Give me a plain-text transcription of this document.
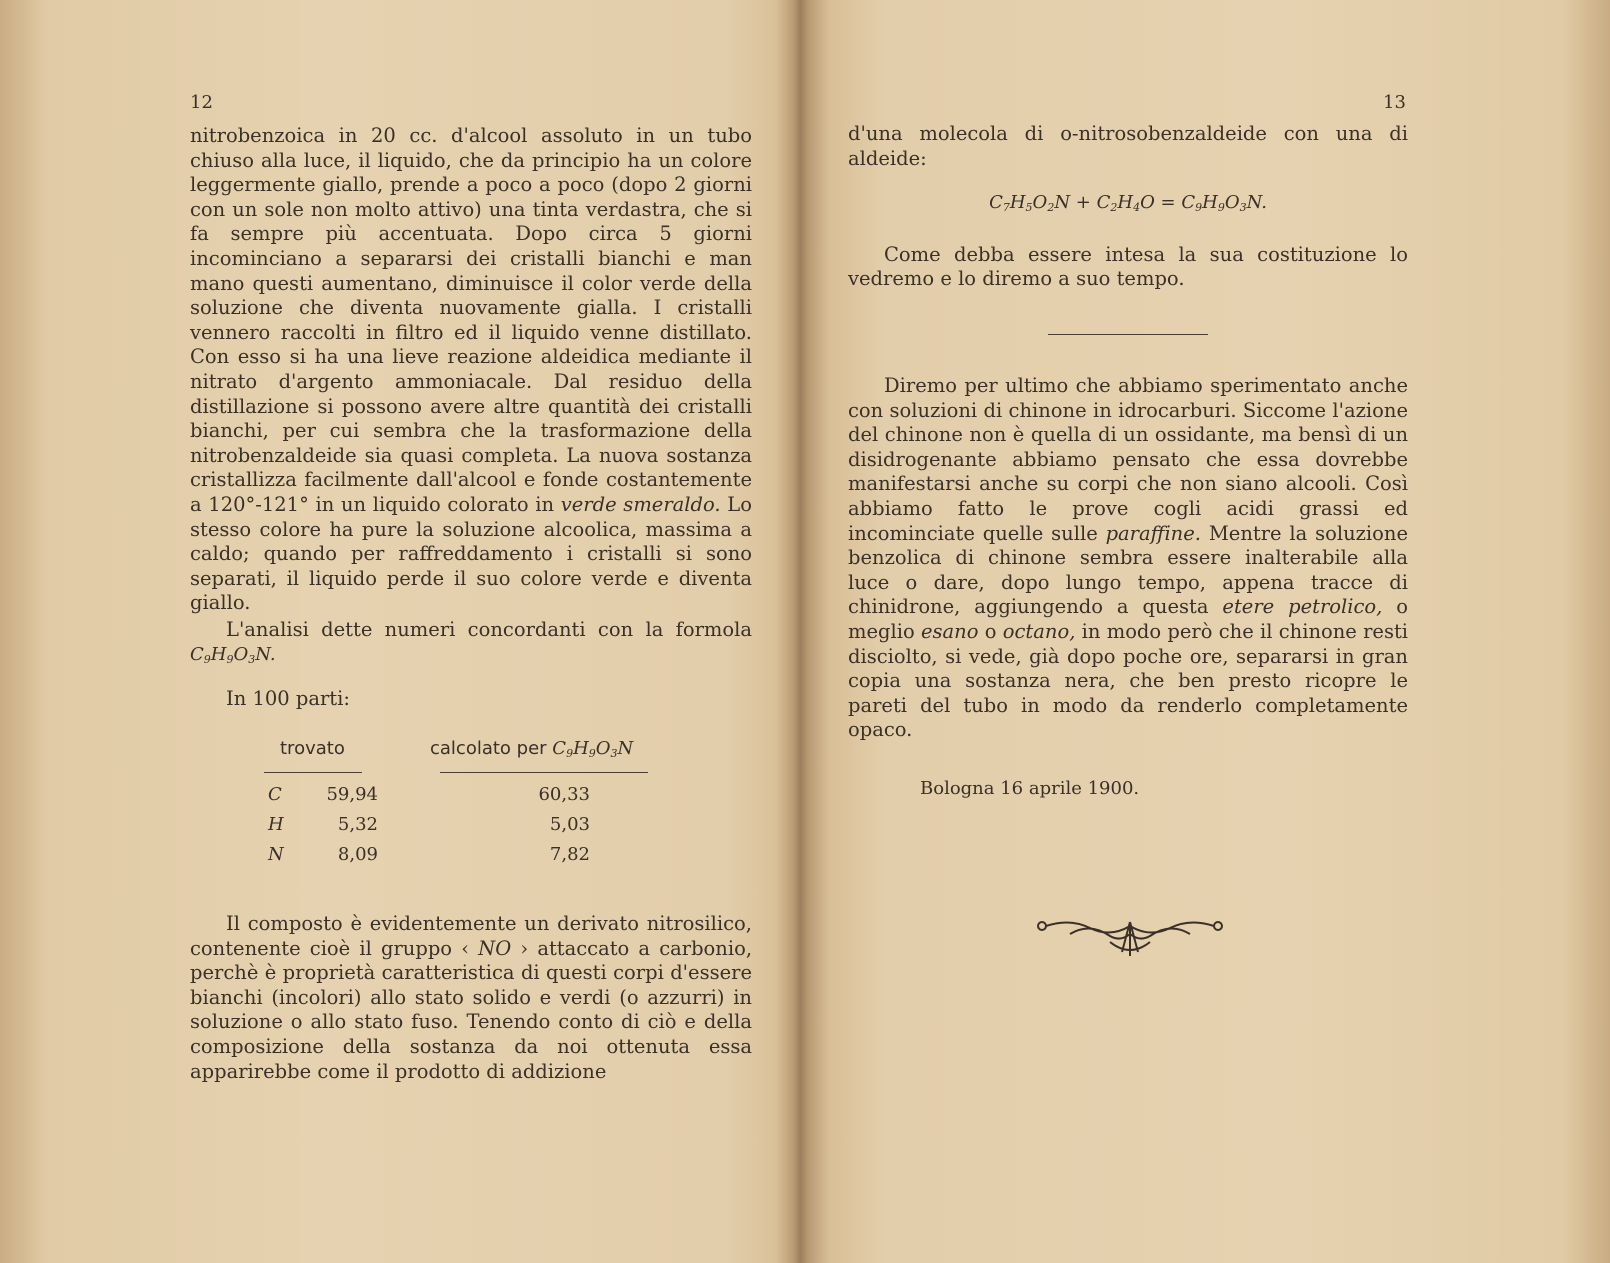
12

nitrobenzoica in 20 cc. d'alcool assoluto in un tubo chiuso alla luce, il liquido, che da principio ha un colore leggermente giallo, prende a poco a poco (dopo 2 giorni con un sole non molto attivo) una tinta verdastra, che si fa sempre più accentuata. Dopo circa 5 giorni incominciano a separarsi dei cristalli bianchi e man mano questi aumentano, diminuisce il color verde della soluzione che diventa nuovamente gialla. I cristalli vennero raccolti in filtro ed il liquido venne distillato. Con esso si ha una lieve reazione aldeidica mediante il nitrato d'argento ammoniacale. Dal residuo della distillazione si possono avere altre quantità dei cristalli bianchi, per cui sembra che la trasformazione della nitrobenzaldeide sia quasi completa. La nuova sostanza cristallizza facilmente dall'alcool e fonde costantemente a 120°-121° in un liquido colorato in verde smeraldo. Lo stesso colore ha pure la soluzione alcoolica, massima a caldo; quando per raffreddamento i cristalli si sono separati, il liquido perde il suo colore verde e diventa giallo.

L'analisi dette numeri concordanti con la formola $C_9H_9O_3N$.

In 100 parti:

trovato	calcolato per $C_9H_9O_3N$
C	59,94	60,33
H	5,32	5,03
N	8,09	7,82

Il composto è evidentemente un derivato nitrosilico, contenente cioè il gruppo ‹ NO › attaccato a carbonio, perchè è proprietà caratteristica di questi corpi d'essere bianchi (incolori) allo stato solido e verdi (o azzurri) in soluzione o allo stato fuso. Tenendo conto di ciò e della composizione della sostanza da noi ottenuta essa apparirebbe come il prodotto di addizione

13

d'una molecola di o-nitrosobenzaldeide con una di aldeide:

$C_7H_5O_2N + C_2H_4O = C_9H_9O_3N$.

Come debba essere intesa la sua costituzione lo vedremo e lo diremo a suo tempo.

Diremo per ultimo che abbiamo sperimentato anche con soluzioni di chinone in idrocarburi. Siccome l'azione del chinone non è quella di un ossidante, ma bensì di un disidrogenante abbiamo pensato che essa dovrebbe manifestarsi anche su corpi che non siano alcooli. Così abbiamo fatto le prove cogli acidi grassi ed incominciate quelle sulle paraffine. Mentre la soluzione benzolica di chinone sembra essere inalterabile alla luce o dare, dopo lungo tempo, appena tracce di chinidrone, aggiungendo a questa etere petrolico, o meglio esano o octano, in modo però che il chinone resti disciolto, si vede, già dopo poche ore, separarsi in gran copia una sostanza nera, che ben presto ricopre le pareti del tubo in modo da renderlo completamente opaco.

Bologna 16 aprile 1900.
